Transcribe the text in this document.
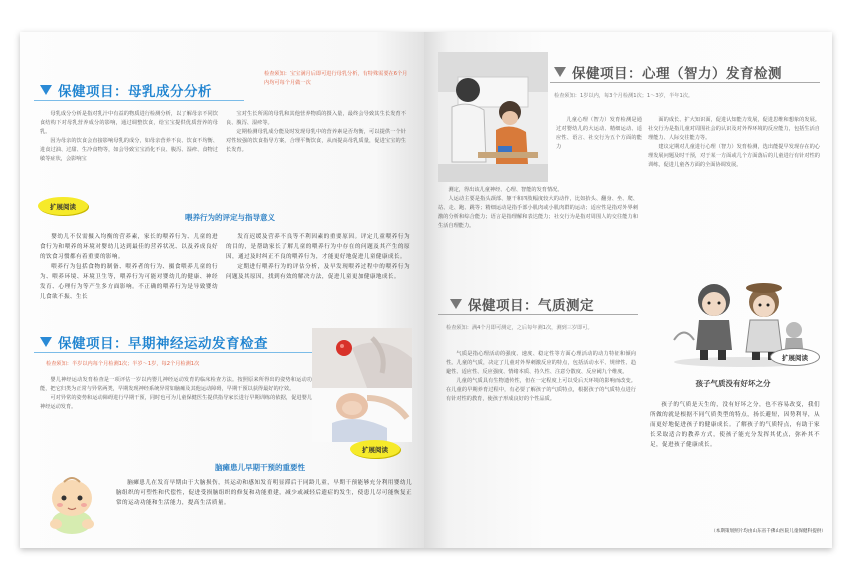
保健项目：母乳成分分析
检查须知：宝宝满月后即可进行母乳分析，有特殊需要在6个月内均可每个月做一次

母乳成分分析是指对乳汁中有益的物质进行检测分析，以了解母亲不同饮食结构下对母乳营养成分的影响，通过调整饮食，给宝宝提供优质营养的母乳。

因为母亲的饮食会直接影响母乳的成分，如母亲营养不良、饮食不均衡、进食过油、过甜、生冷食物等，如会导致宝宝消化不良、腹泻、湿疹、食物过敏等症状，会影响宝

宝对生长所需的母乳和其他营养物质的摄入量，最终会导致其生长发育不良、腹泻、湿疹等。

定期检测母乳成分能及时发现母乳中的营养素是否均衡，可以提供一个针对性较强的饮食指导方案，合理平衡饮食，从而提高母乳质量，促进宝宝的生长发育。

扩展阅读
喂养行为的评定与指导意义

婴幼儿不仅需摄入均衡的营养素，家长的喂养行为、儿童的进食行为和喂养的环境对婴幼儿达到最佳的营养状况、以及养成良好的饮食习惯都有着重要的影响。

喂养行为包括食物的制备、喂养者的行为、摄食喂养儿童的行为、喂养环境、环境卫生等，喂养行为可能对婴幼儿的健康、神经发育、心理行为等产生多方面影响。不正确的喂养行为是导致婴幼儿食欲不振、生长

发育迟缓及营养不良等不利因素的重要原因。评定儿童喂养行为的目的，是帮助家长了解儿童的喂养行为中存在的问题及其产生的原因，通过及时纠正不良的喂养行为，才能更好地促进儿童健康成长。

定期进行喂养行为的评估分析，及早发现喂养过程中的喂养行为问题及其原因，找到有效的解决方法，促进儿童更加健康地成长。

保健项目：早期神经运动发育检查
检查须知：半岁以内每个月检测1次；半岁～1岁，每2个月检测1次

婴儿神经运动发育检查是一项评估一岁以内婴儿神经运动发育的临床检查方法。按照原来所得出的姿势和运动功能，把它归类为正常与异常两类，早期发现神经系统异常如脑瘫及其他运动障碍，早期干预以获得最好的疗效。

可对异常的姿势和运动障碍进行早期干预，同时也可为儿童保健医生提供指导家长进行早期训练的依据，促进婴儿神经运动发育。

扩展阅读
脑瘫患儿早期干预的重要性

脑瘫患儿在发育早期由于大脑损伤，其运动和感知发育明显滞后于同龄儿童，早期干预能够充分利用婴幼儿脑组织的可塑性和代偿性，促进受损脑组织的修复和功能重建，减少或减轻后遗症的发生，使患儿尽可能恢复正常的运动功能和生活能力，提高生活质量。

保健项目：心理（智力）发育检测
检查须知：1岁以内，每3个月检测1次；1～3岁，半年1次。

儿童心理（智力）发育检测是通过对婴幼儿的大运动、精细运动、适应性、语言、社交行为五个方面的能力

测定，得出该儿童神经、心理、智能的发育情况。

人运动主要是指头颈部、躯干和四肢幅度较大的动作，比如抬头、翻身、坐、爬、站、走、跑、跳等；精细运动是指手部小肌肉或小肌肉群的运动；适应性是指对外界刺激的分析和综合能力；语言是指理解和表达能力；社交行为是指对周围人的交往能力和生活自理能力。

面的成长、扩大知识面，促进认知能力发展，促进思维和想象的发展。社交行为是指儿童对周围社会的认识及对外界环境的反应能力，包括生活自理能力、人际交往能力等。

建议定期对儿童进行心理（智力）发育检测，选出能提早发现存在的心理发展问题及时干预，对于某一方面或几个方面落后的儿童进行有针对性的训练，促进儿童各方面的全面协调发展。

保健项目：气质测定
检查须知：满4个月即可测定，之后每年测1次，测到三岁即可。

气质是指心理活动的强度、速度、稳定性等方面心理活动的动力特征和倾向性。儿童的气质，决定了儿童对外界刺激反应的特点，包括活动水平、规律性、趋避性、适应性、反应强度、情绪本质、持久性、注意分散度、反应阈九个维度。

儿童的气质具有生物遗传性，但在一定程度上可以受后天环境的影响而改变。在儿童的早期养育过程中，有必要了解孩子的气质特点，根据孩子的气质特点进行有针对性的教育，使孩子形成良好的个性品质。

扩展阅读
孩子气质没有好坏之分

孩子的气质是天生的，没有好坏之分，也不容易改变，我们所做的就是根据不同气质类型的特点，扬长避短，因势利导，从而更好地促进孩子的健康成长。了解孩子的气质特点，有助于家长采取适合的教养方式，使孩子能充分发挥其优点，弥补其不足，促进孩子健康成长。

（本期策划照片均由山东省千佛山医院儿童保健科提供）
